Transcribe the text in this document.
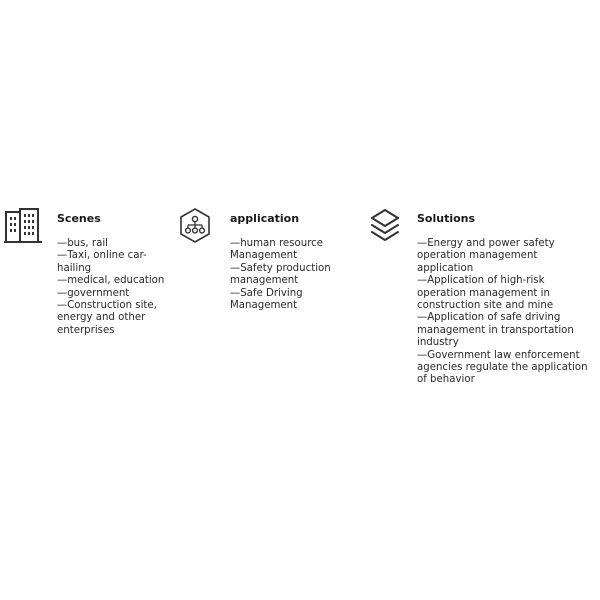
Scenes
—bus, rail
—Taxi, online car-hailing
—medical, education
—government
—Construction site, energy and other enterprises
application
—human resource Management
—Safety production management
—Safe Driving Management
Solutions
—Energy and power safety operation management application
—Application of high-risk operation management in construction site and mine
—Application of safe driving management in transportation industry
—Government law enforcement agencies regulate the application of behavior
